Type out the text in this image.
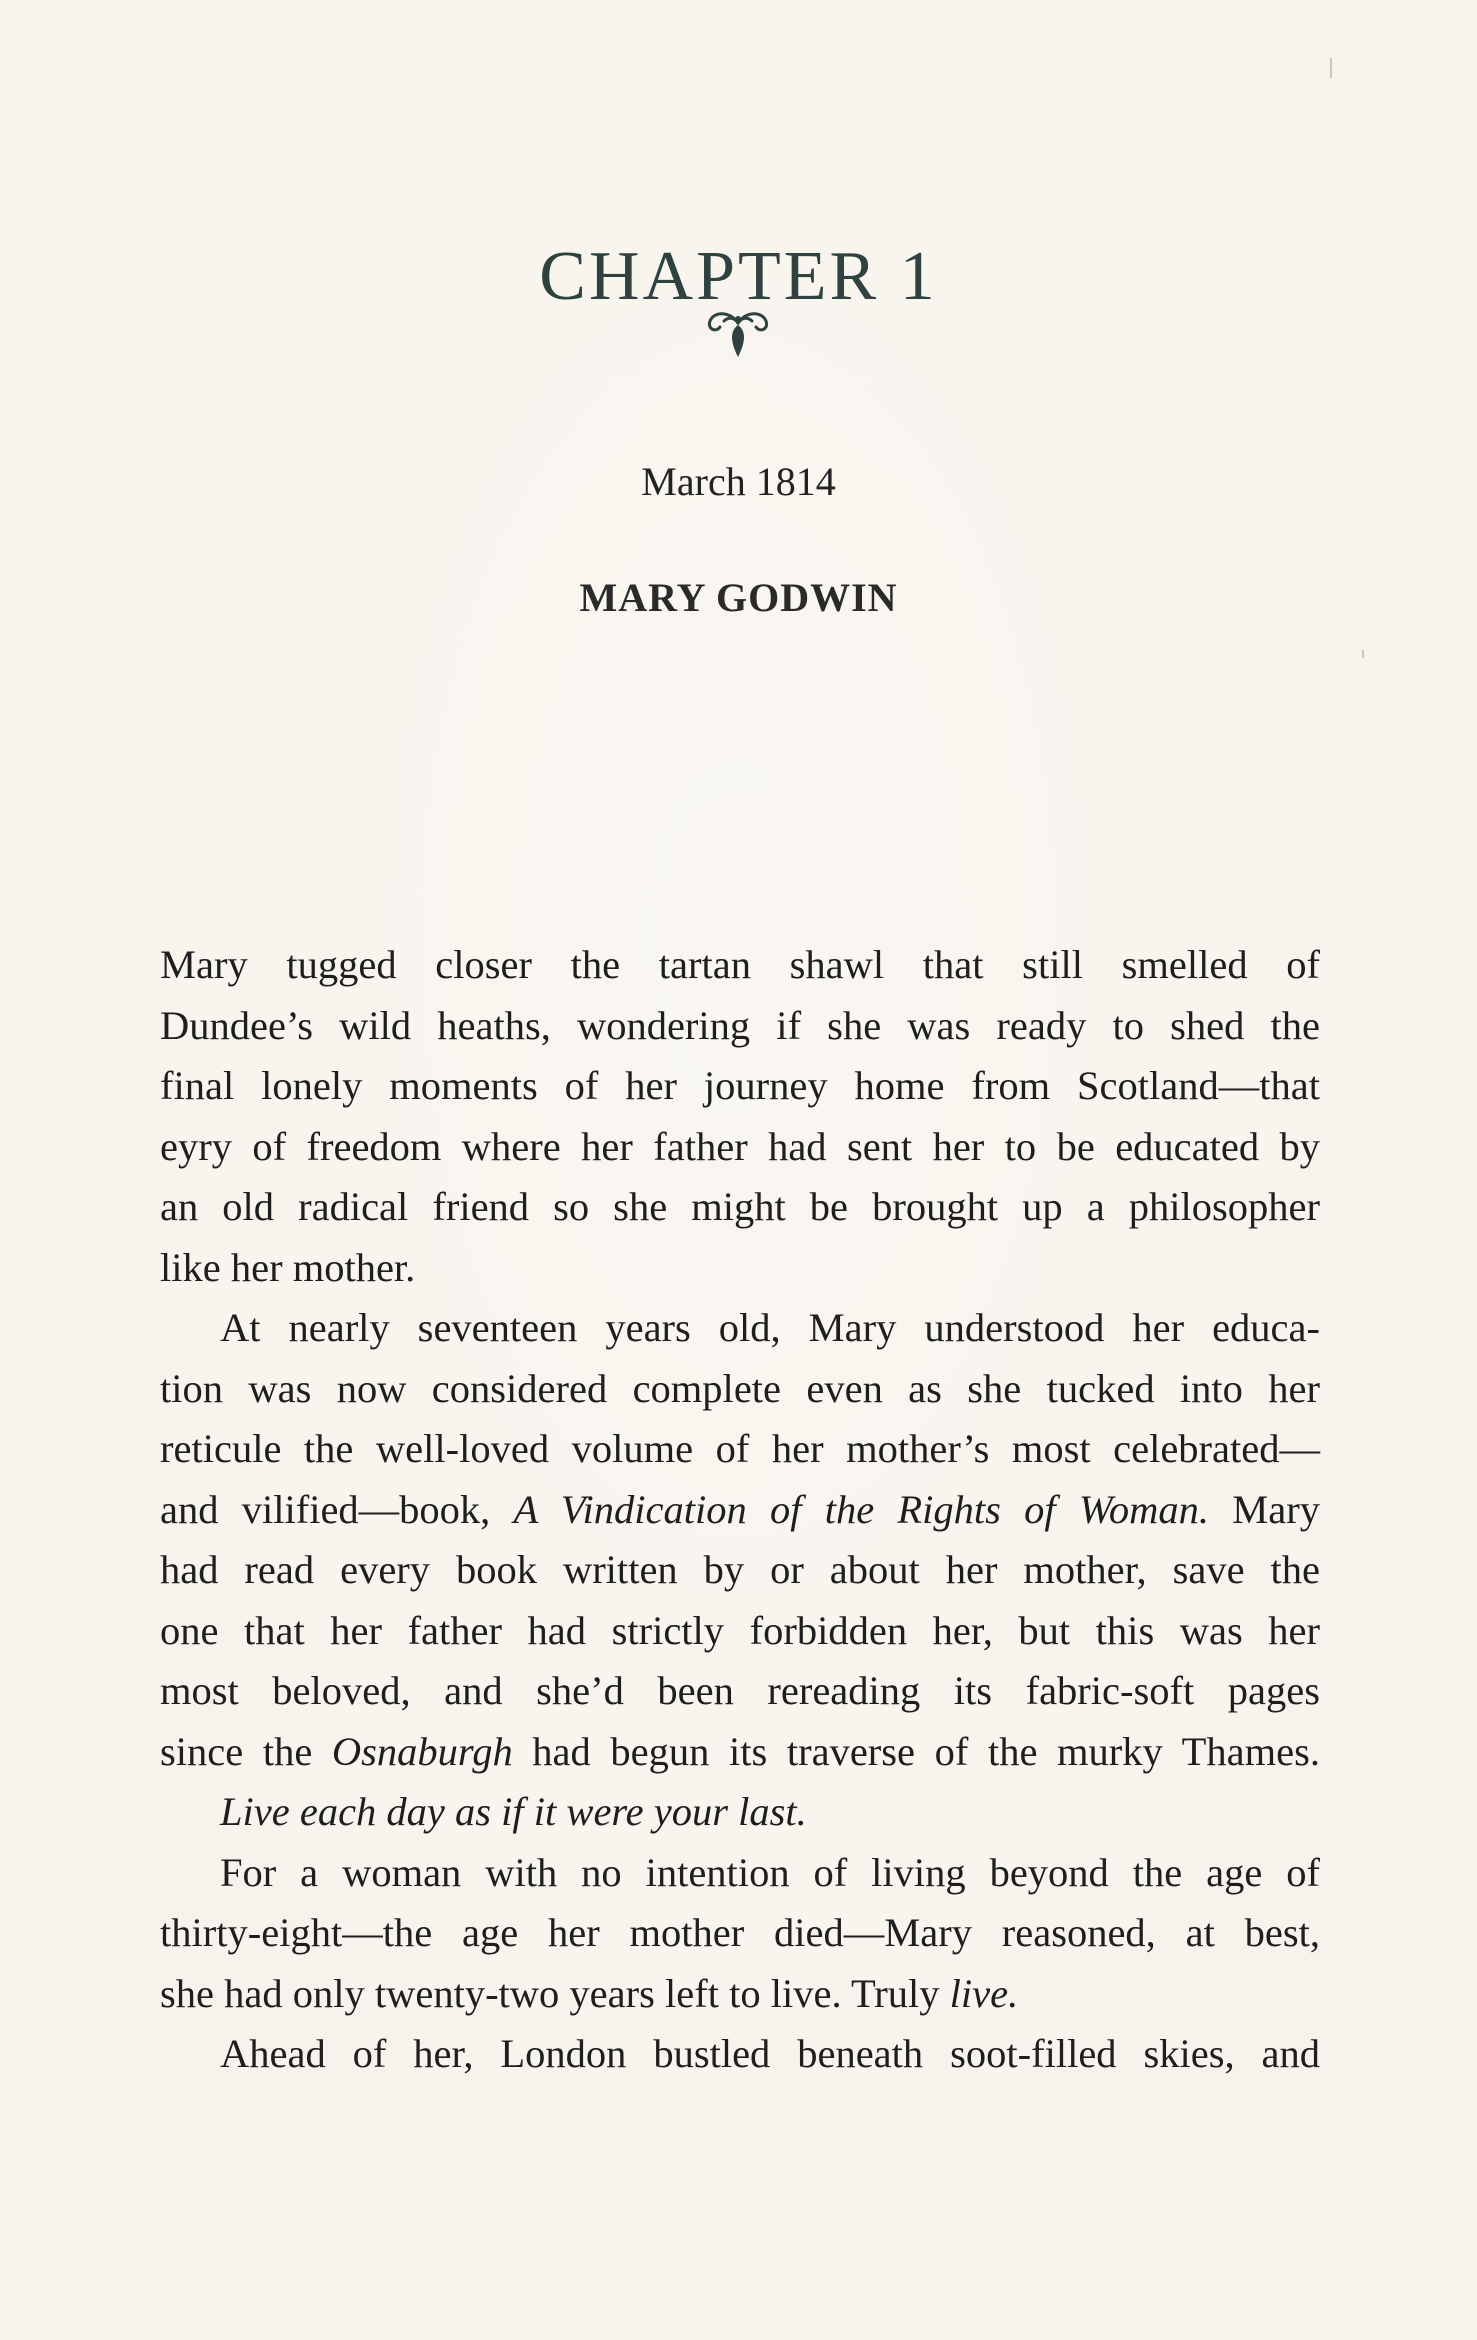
CHAPTER 1
March 1814
MARY GODWIN
Mary tugged closer the tartan shawl that still smelled of
Dundee’s wild heaths, wondering if she was ready to shed the
final lonely moments of her journey home from Scotland—that
eyry of freedom where her father had sent her to be educated by
an old radical friend so she might be brought up a philosopher
like her mother.
At nearly seventeen years old, Mary understood her educa-
tion was now considered complete even as she tucked into her
reticule the well-loved volume of her mother’s most celebrated—
and vilified—book, A Vindication of the Rights of Woman. Mary
had read every book written by or about her mother, save the
one that her father had strictly forbidden her, but this was her
most beloved, and she’d been rereading its fabric-soft pages
since the Osnaburgh had begun its traverse of the murky Thames.
Live each day as if it were your last.
For a woman with no intention of living beyond the age of
thirty-eight—the age her mother died—Mary reasoned, at best,
she had only twenty-two years left to live. Truly live.
Ahead of her, London bustled beneath soot-filled skies, and
